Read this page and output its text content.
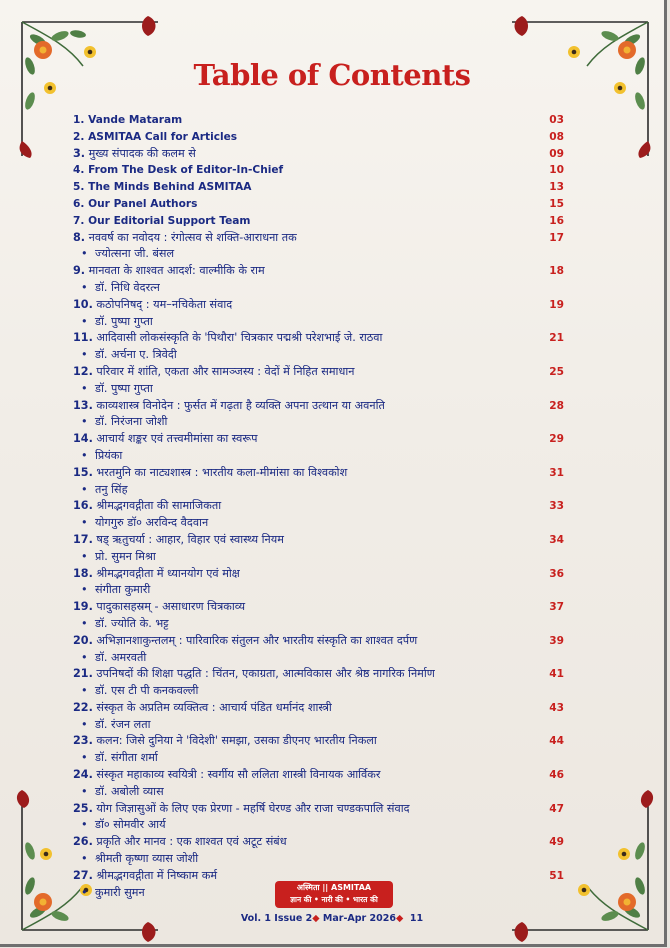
Table of Contents
1. Vande Mataram	03
2. ASMITAA Call for Articles	08
3. मुख्य संपादक की कलम से	09
4. From The Desk of Editor-In-Chief	10
5. The Minds Behind ASMITAA	13
6. Our Panel Authors	15
7. Our Editorial Support Team	16
8. नववर्ष का नवोदय : रंगोत्सव से शक्ति-आराधना तक	17
• ज्योत्सना जी. बंसल
9. मानवता के शाश्वत आदर्श: वाल्मीकि के राम	18
• डॉ. निधि वेदरत्न
10. कठोपनिषद् : यम–नचिकेता संवाद	19
• डॉ. पुष्पा गुप्ता
11. आदिवासी लोकसंस्कृति के 'पिथौरा' चित्रकार पद्मश्री परेशभाई जे. राठवा	21
• डॉ. अर्चना ए. त्रिवेदी
12. परिवार में शांति, एकता और सामञ्जस्य : वेदों में निहित समाधान	25
• डॉ. पुष्पा गुप्ता
13. काव्यशास्त्र विनोदेन : फुर्सत में गढ़ता है व्यक्ति अपना उत्थान या अवनति	28
• डॉ. निरंजना जोशी
14. आचार्य शङ्कर एवं तत्त्वमीमांसा का स्वरूप	29
• प्रियंका
15. भरतमुनि का नाट्यशास्त्र : भारतीय कला-मीमांसा का विश्वकोश	31
• तनु सिंह
16. श्रीमद्भगवद्गीता की सामाजिकता	33
• योगगुरु डॉ० अरविन्द वैदवान
17. षड् ऋतुचर्या : आहार, विहार एवं स्वास्थ्य नियम	34
• प्रो. सुमन मिश्रा
18. श्रीमद्भगवद्गीता में ध्यानयोग एवं मोक्ष	36
• संगीता कुमारी
19. पादुकासहस्रम् - असाधारण चित्रकाव्य	37
• डॉ. ज्योति के. भट्ट
20. अभिज्ञानशाकुन्तलम् : पारिवारिक संतुलन और भारतीय संस्कृति का शाश्वत दर्पण	39
• डॉ. अमरवती
21. उपनिषदों की शिक्षा पद्धति : चिंतन, एकाग्रता, आत्मविकास और श्रेष्ठ नागरिक निर्माण	41
• डॉ. एस टी पी कनकवल्ली
22. संस्कृत के अप्रतिम व्यक्तित्व : आचार्य पंडित धर्मानंद शास्त्री	43
• डॉ. रंजन लता
23. कलन: जिसे दुनिया ने 'विदेशी' समझा, उसका डीएनए भारतीय निकला	44
• डॉ. संगीता शर्मा
24. संस्कृत महाकाव्य स्वयित्री : स्वर्गीय सौ ललिता शास्त्री विनायक आर्विकर	46
• डॉ. अबोली व्यास
25. योग जिज्ञासुओं के लिए एक प्रेरणा - महर्षि घेरण्ड और राजा चण्डकपालि संवाद	47
• डॉ० सोमवीर आर्य
26. प्रकृति और मानव : एक शाश्वत एवं अटूट संबंध	49
• श्रीमती कृष्णा व्यास जोशी
27. श्रीमद्भगवद्गीता में निष्काम कर्म	51
• कुमारी सुमन	अस्मिता || ASMITAA
ज्ञान की • नारी की • भारत की
Vol. 1 Issue 2◆ Mar-Apr 2026◆ 11
